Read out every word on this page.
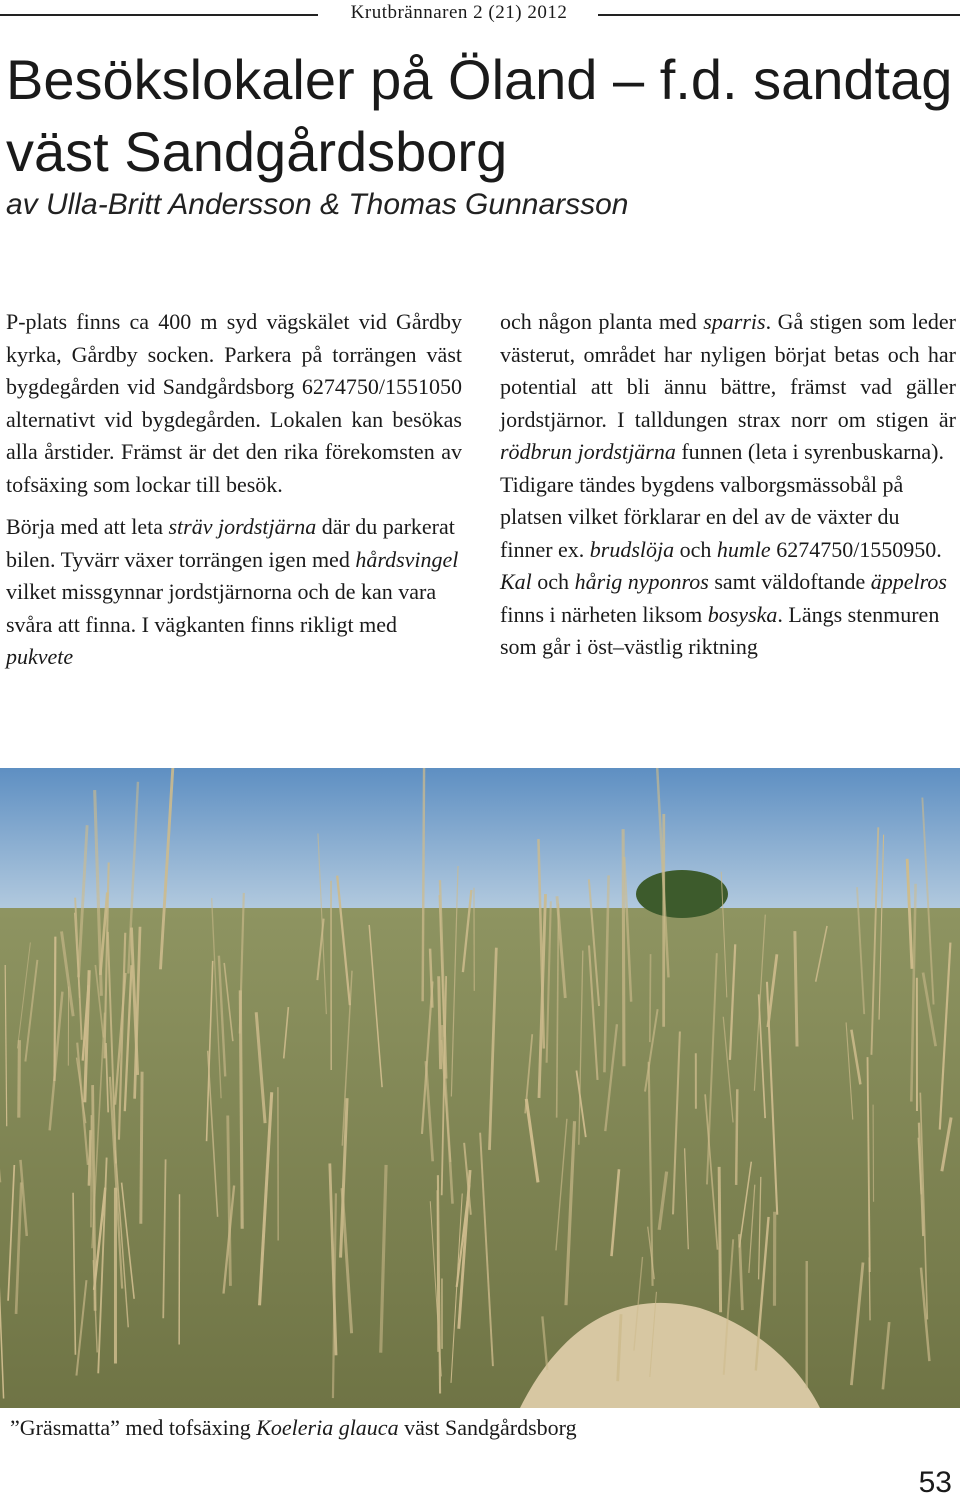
Krutbrännaren 2 (21) 2012
Besökslokaler på Öland – f.d. sandtag väst Sandgårdsborg
av Ulla-Britt Andersson & Thomas Gunnarsson

P-plats finns ca 400 m syd vägskälet vid Gårdby kyrka, Gårdby socken. Parkera på torrängen väst bygdegården vid Sandgårdsborg 6274750/1551050 alternativt vid bygdegården. Lokalen kan besökas alla årstider. Främst är det den rika förekomsten av tofsäxing som lockar till besök.

Börja med att leta sträv jordstjärna där du parkerat bilen. Tyvärr växer torrängen igen med hårdsvingel vilket missgynnar jordstjärnorna och de kan vara svåra att finna. I vägkanten finns rikligt med pukvete

och någon planta med sparris. Gå stigen som leder västerut, området har nyligen börjat betas och har potential att bli ännu bättre, främst vad gäller jordstjärnor. I talldungen strax norr om stigen är rödbrun jordstjärna funnen (leta i syrenbuskarna).

Tidigare tändes bygdens valborgsmässobål på platsen vilket förklarar en del av de växter du finner ex. brudslöja och humle 6274750/1550950. Kal och hårig nyponros samt väldoftande äppelros finns i närheten liksom bosyska. Längs stenmuren som går i öst–västlig riktning

”Gräsmatta” med tofsäxing Koeleria glauca väst Sandgårdsborg
53
